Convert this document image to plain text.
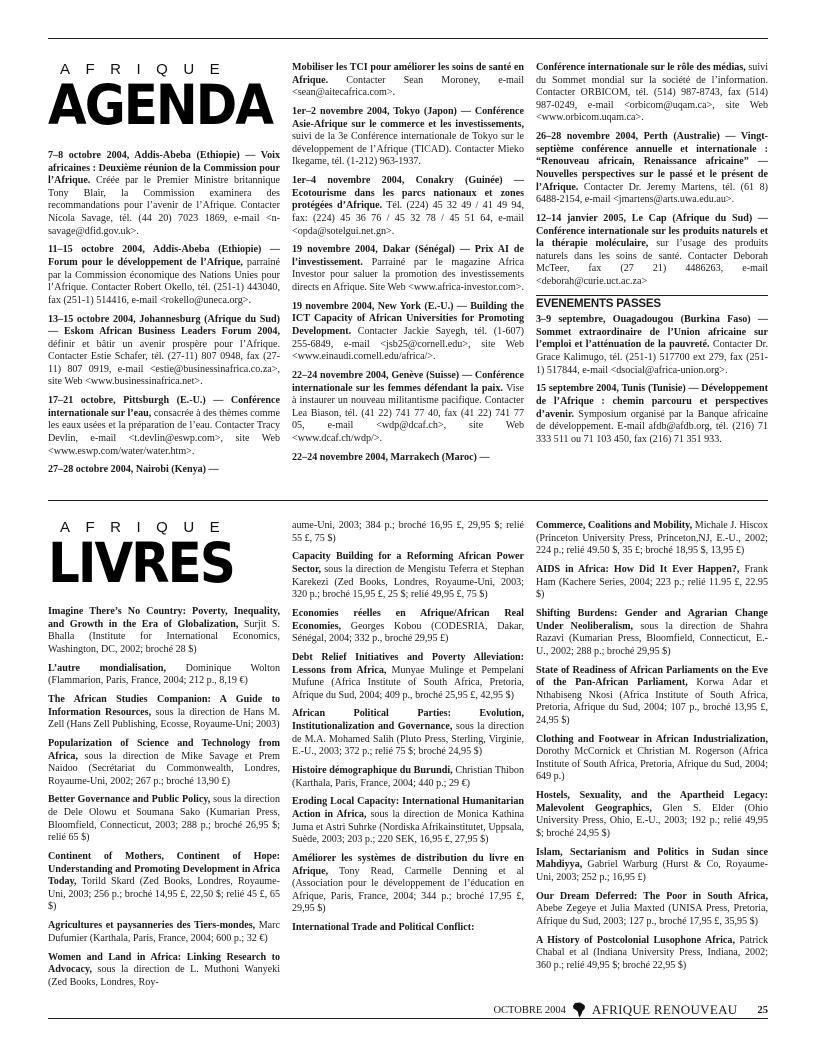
AFRIQUE
AGENDA

7–8 octobre 2004, Addis-Abeba (Ethiopie) — Voix africaines : Deuxième réunion de la Commission pour l’Afrique. Créée par le Premier Ministre britannique Tony Blair, la Commission examinera des recommandations pour l’avenir de l’Afrique. Contacter Nicola Savage, tél. (44 20) 7023 1869, e-mail <n-savage@dfid.gov.uk>.

11–15 octobre 2004, Addis-Abeba (Ethiopie) — Forum pour le développement de l’Afrique, parrainé par la Commission économique des Nations Unies pour l’Afrique. Contacter Robert Okello, tél. (251-1) 443040, fax (251-1) 514416, e-mail <rokello@uneca.org>.

13–15 octobre 2004, Johannesburg (Afrique du Sud) — Eskom African Business Leaders Forum 2004, définir et bâtir un avenir prospère pour l’Afrique. Contacter Estie Schafer, tél. (27-11) 807 0948, fax (27-11) 807 0919, e-mail <estie@businessinafrica.co.za>, site Web <www.businessinafrica.net>.

17–21 octobre, Pittsburgh (E.-U.) — Conférence internationale sur l’eau, consacrée à des thèmes comme les eaux usées et la préparation de l’eau. Contacter Tracy Devlin, e-mail <t.devlin@eswp.com>, site Web <www.eswp.com/water/water.htm>.

27–28 octobre 2004, Nairobi (Kenya) —

Mobiliser les TCI pour améliorer les soins de santé en Afrique. Contacter Sean Moroney, e-mail <sean@aitecafrica.com>.

1er–2 novembre 2004, Tokyo (Japon) — Conférence Asie-Afrique sur le commerce et les investissements, suivi de la 3e Conférence internationale de Tokyo sur le développement de l’Afrique (TICAD). Contacter Mieko Ikegame, tél. (1-212) 963-1937.

1er–4 novembre 2004, Conakry (Guinée) — Ecotourisme dans les parcs nationaux et zones protégées d’Afrique. Tél. (224) 45 32 49 / 41 49 94, fax: (224) 45 36 76 / 45 32 78 / 45 51 64, e-mail <opda@sotelgui.net.gn>.

19 novembre 2004, Dakar (Sénégal) — Prix AI de l’investissement. Parrainé par le magazine Africa Investor pour saluer la promotion des investissements directs en Afrique. Site Web <www.africa-investor.com>.

19 novembre 2004, New York (E.-U.) — Building the ICT Capacity of African Universities for Promoting Development. Contacter Jackie Sayegh, tél. (1-607) 255-6849, e-mail <jsb25@cornell.edu>, site Web <www.einaudi.cornell.edu/africa/>.

22–24 novembre 2004, Genève (Suisse) — Conférence internationale sur les femmes défendant la paix. Vise à instaurer un nouveau militantisme pacifique. Contacter Lea Biason, tél. (41 22) 741 77 40, fax (41 22) 741 77 05, e-mail <wdp@dcaf.ch>, site Web <www.dcaf.ch/wdp/>.

22–24 novembre 2004, Marrakech (Maroc) —

Conférence internationale sur le rôle des médias, suivi du Sommet mondial sur la société de l’information. Contacter ORBICOM, tél. (514) 987-8743, fax (514) 987-0249, e-mail <orbicom@uqam.ca>, site Web <www.orbicom.uqam.ca>.

26–28 novembre 2004, Perth (Australie) — Vingt-septième conférence annuelle et internationale : “Renouveau africain, Renaissance africaine” — Nouvelles perspectives sur le passé et le présent de l’Afrique. Contacter Dr. Jeremy Martens, tél. (61 8) 6488-2154, e-mail <jmartens@arts.uwa.edu.au>.

12–14 janvier 2005, Le Cap (Afrique du Sud) — Conférence internationale sur les produits naturels et la thérapie moléculaire, sur l’usage des produits naturels dans les soins de santé. Contacter Deborah McTeer, fax (27 21) 4486263, e-mail <deborah@curie.uct.ac.za>

EVENEMENTS PASSES

3–9 septembre, Ouagadougou (Burkina Faso) — Sommet extraordinaire de l’Union africaine sur l’emploi et l’atténuation de la pauvreté. Contacter Dr. Grace Kalimugo, tél. (251-1) 517700 ext 279, fax (251-1) 517844, e-mail <dsocial@africa-union.org>.

15 septembre 2004, Tunis (Tunisie) — Développement de l’Afrique : chemin parcouru et perspectives d’avenir. Symposium organisé par la Banque africaine de développement. E-mail afdb@afdb.org, tél. (216) 71 333 511 ou 71 103 450, fax (216) 71 351 933.

AFRIQUE
LIVRES

Imagine There’s No Country: Poverty, Inequality, and Growth in the Era of Globalization, Surjit S. Bhalla (Institute for International Economics, Washington, DC, 2002; broché 28 $)

L’autre mondialisation, Dominique Wolton (Flammarion, Paris, France, 2004; 212 p., 8,19 €)

The African Studies Companion: A Guide to Information Resources, sous la direction de Hans M. Zell (Hans Zell Publishing, Ecosse, Royaume-Uni; 2003)

Popularization of Science and Technology from Africa, sous la direction de Mike Savage et Prem Naidoo (Secrétariat du Commonwealth, Londres, Royaume-Uni, 2002; 267 p.; broché 13,90 £)

Better Governance and Public Policy, sous la direction de Dele Olowu et Soumana Sako (Kumarian Press, Bloomfield, Connecticut, 2003; 288 p.; broché 26,95 $; relié 65 $)

Continent of Mothers, Continent of Hope: Understanding and Promoting Development in Africa Today, Torild Skard (Zed Books, Londres, Royaume-Uni, 2003; 256 p.; broché 14,95 £, 22,50 $; relié 45 £, 65 $)

Agricultures et paysanneries des Tiers-mondes, Marc Dufumier (Karthala, Paris, France, 2004; 600 p.; 32 €)

Women and Land in Africa: Linking Research to Advocacy, sous la direction de L. Muthoni Wanyeki (Zed Books, Londres, Roy-

aume-Uni, 2003; 384 p.; broché 16,95 £, 29,95 $; relié 55 £, 75 $)

Capacity Building for a Reforming African Power Sector, sous la direction de Mengistu Teferra et Stephan Karekezi (Zed Books, Londres, Royaume-Uni, 2003; 320 p.; broché 15,95 £, 25 $; relié 49,95 £, 75 $)

Economies réelles en Afrique/African Real Economies, Georges Kobou (CODESRIA, Dakar, Sénégal, 2004; 332 p., broché 29,95 £)

Debt Relief Initiatives and Poverty Alleviation: Lessons from Africa, Munyae Mulinge et Pempelani Mufune (Africa Institute of South Africa, Pretoria, Afrique du Sud, 2004; 409 p., broché 25,95 £, 42,95 $)

African Political Parties: Evolution, Institutionalization and Governance, sous la direction de M.A. Mohamed Salih (Pluto Press, Sterling, Virginie, E.-U., 2003; 372 p.; relié 75 $; broché 24,95 $)

Histoire démographique du Burundi, Christian Thibon (Karthala, Paris, France, 2004; 440 p.; 29 €)

Eroding Local Capacity: International Humanitarian Action in Africa, sous la direction de Monica Kathina Juma et Astri Suhrke (Nordiska Afrikainstitutet, Uppsala, Suède, 2003; 203 p.; 220 SEK, 16,95 £, 27,95 $)

Améliorer les systèmes de distribution du livre en Afrique, Tony Read, Carmelle Denning et al (Association pour le développement de l’éducation en Afrique, Paris, France, 2004; 344 p.; broché 17,95 £, 29,95 $)

International Trade and Political Conflict:

Commerce, Coalitions and Mobility, Michale J. Hiscox (Princeton University Press, Princeton,NJ, E.-U., 2002; 224 p.; relié 49.50 $, 35 £; broché 18,95 $, 13,95 £)

AIDS in Africa: How Did It Ever Happen?, Frank Ham (Kachere Series, 2004; 223 p.; relié 11.95 £, 22.95 $)

Shifting Burdens: Gender and Agrarian Change Under Neoliberalism, sous la direction de Shahra Razavi (Kumarian Press, Bloomfield, Connecticut, E.-U., 2002; 288 p.; broché 29,95 $)

State of Readiness of African Parliaments on the Eve of the Pan-African Parliament, Korwa Adar et Nthabiseng Nkosi (Africa Institute of South Africa, Pretoria, Afrique du Sud, 2004; 107 p., broché 13,95 £, 24,95 $)

Clothing and Footwear in African Industrialization, Dorothy McCornick et Christian M. Rogerson (Africa Institute of South Africa, Pretoria, Afrique du Sud, 2004; 649 p.)

Hostels, Sexuality, and the Apartheid Legacy: Malevolent Geographics, Glen S. Elder (Ohio University Press, Ohio, E.-U., 2003; 192 p.; relié 49,95 $; broché 24,95 $)

Islam, Sectarianism and Politics in Sudan since Mahdiyya, Gabriel Warburg (Hurst & Co, Royaume-Uni, 2003; 252 p.; 16,95 £)

Our Dream Deferred: The Poor in South Africa, Abebe Zegeye et Julia Maxted (UNISA Press, Pretoria, Afrique du Sud, 2003; 127 p., broché 17,95 £, 35,95 $)

A History of Postcolonial Lusophone Africa, Patrick Chabal et al (Indiana University Press, Indiana, 2002; 360 p.; relié 49,95 $; broché 22,95 $)

OCTOBRE 2004 AFRIQUE RENOUVEAU 25
